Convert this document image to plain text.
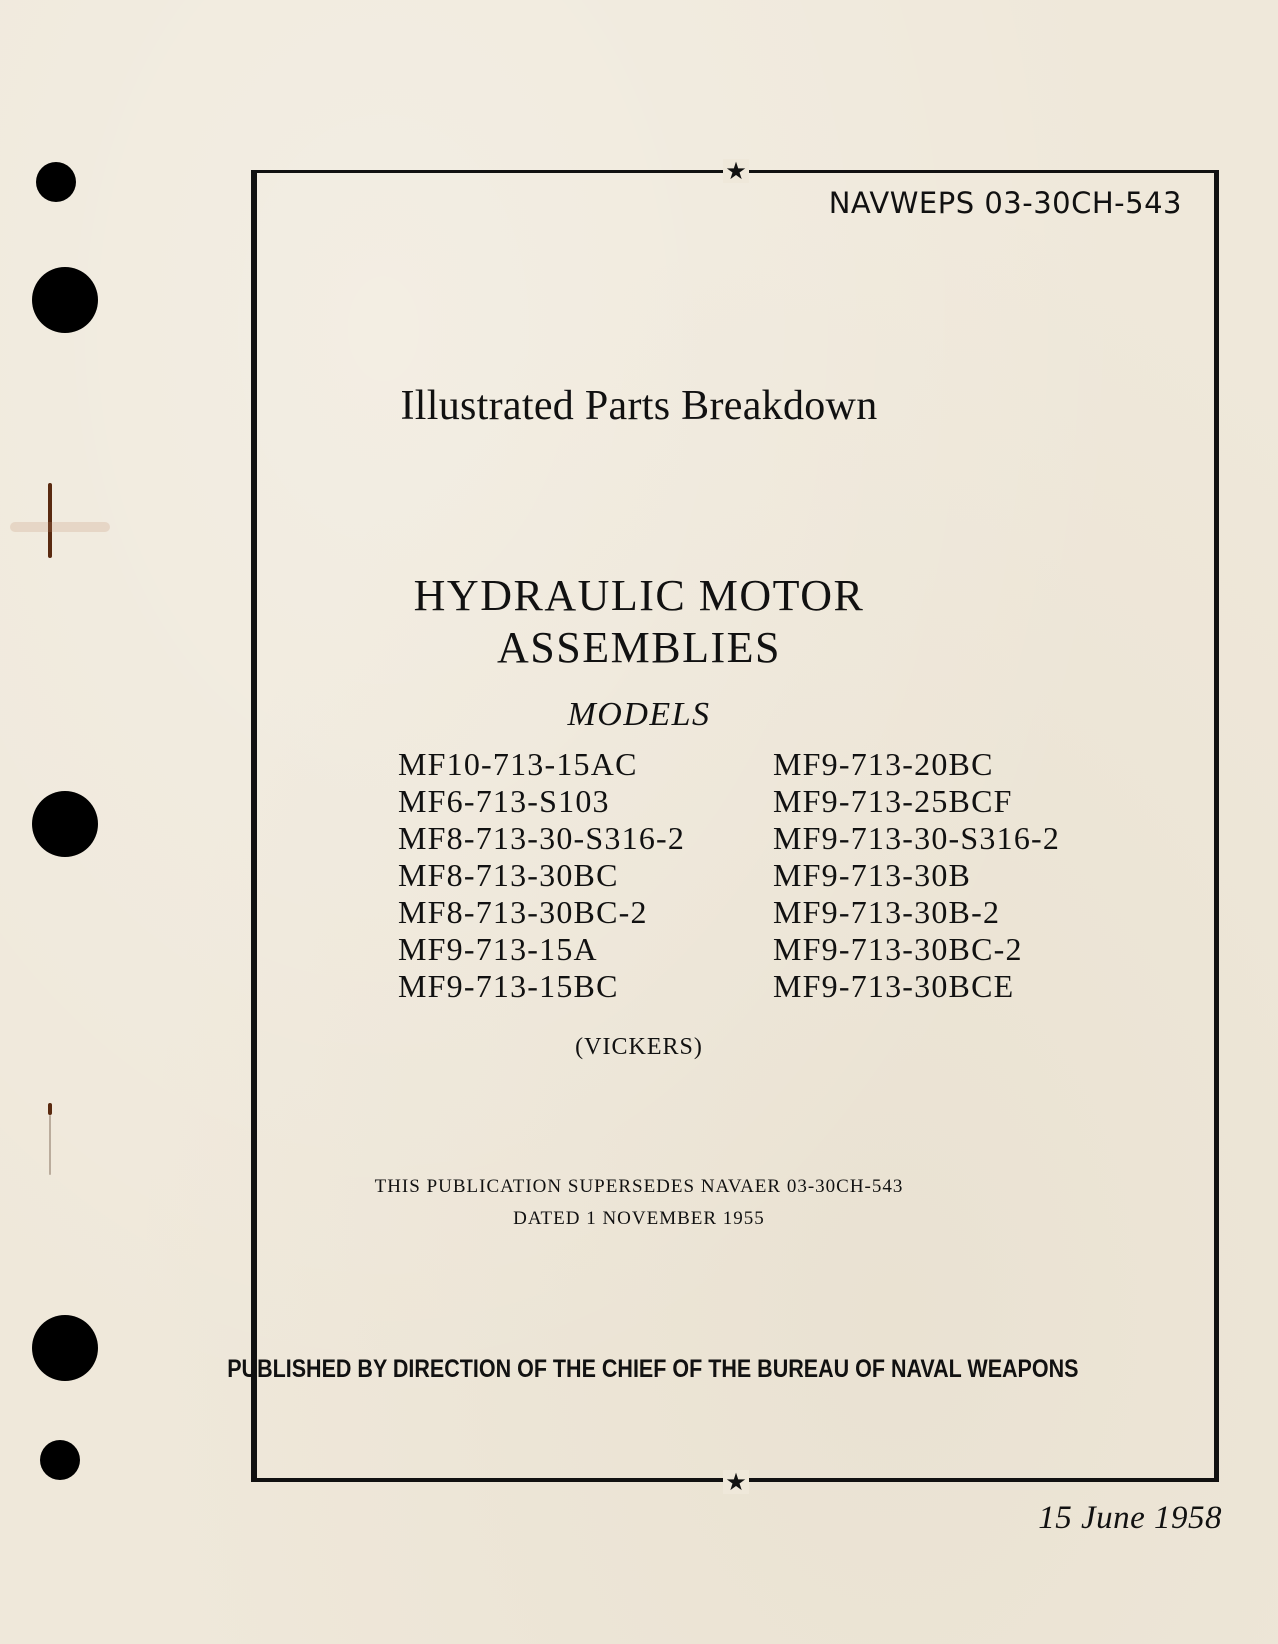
★
★
NAVWEPS 03-30CH-543
Illustrated Parts Breakdown
HYDRAULIC MOTOR
ASSEMBLIES
MODELS
MF10-713-15AC
MF6-713-S103
MF8-713-30-S316-2
MF8-713-30BC
MF8-713-30BC-2
MF9-713-15A
MF9-713-15BC
MF9-713-20BC
MF9-713-25BCF
MF9-713-30-S316-2
MF9-713-30B
MF9-713-30B-2
MF9-713-30BC-2
MF9-713-30BCE
(VICKERS)
THIS PUBLICATION SUPERSEDES NAVAER 03-30CH-543
DATED 1 NOVEMBER 1955
PUBLISHED BY DIRECTION OF THE CHIEF OF THE BUREAU OF NAVAL WEAPONS
15 June 1958
